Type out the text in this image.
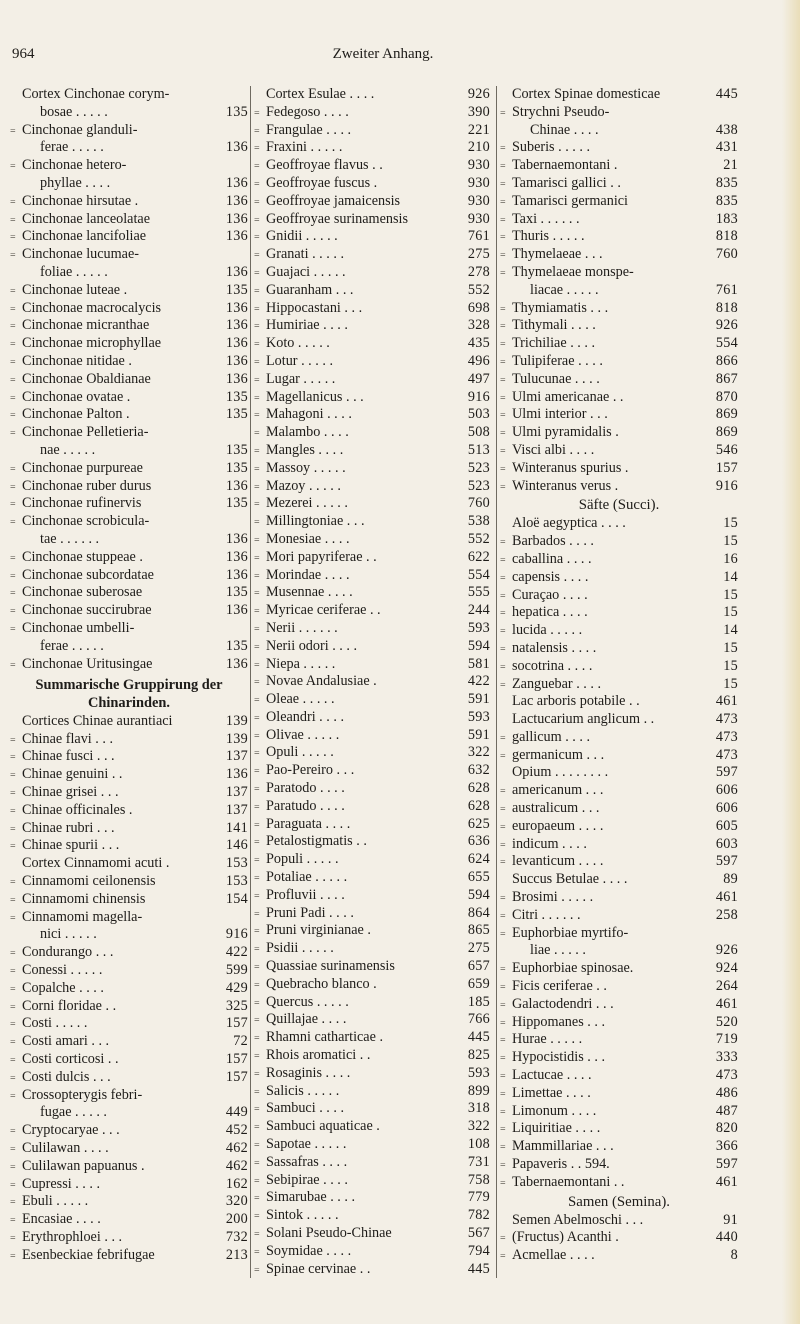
964	Zweiter Anhang.
Cortex Cinchonae corym-
bosae . . . . .	135
= Cinchonae glanduli-
ferae . . . . .	136
= Cinchonae hetero-
phyllae . . . .	136
= Cinchonae hirsutae .	136
= Cinchonae lanceolatae	136
= Cinchonae lancifoliae	136
= Cinchonae lucumae-
foliae . . . . .	136
= Cinchonae luteae .	135
= Cinchonae macrocalycis	136
= Cinchonae micranthae	136
= Cinchonae microphyllae	136
= Cinchonae nitidae .	136
= Cinchonae Obaldianae	136
= Cinchonae ovatae .	135
= Cinchonae Palton .	135
= Cinchonae Pelletieria-
nae . . . . .	135
= Cinchonae purpureae	135
= Cinchonae ruber durus	136
= Cinchonae rufinervis	135
= Cinchonae scrobicula-
tae . . . . . .	136
= Cinchonae stuppeae .	136
= Cinchonae subcordatae	136
= Cinchonae suberosae	135
= Cinchonae succirubrae	136
= Cinchonae umbelli-
ferae . . . . .	135
= Cinchonae Uritusingae	136
Summarische Gruppirung der
Chinarinden.
Cortices Chinae aurantiaci	139
= Chinae flavi . . .	139
= Chinae fusci . . .	137
= Chinae genuini . .	136
= Chinae grisei . . .	137
= Chinae officinales .	137
= Chinae rubri . . .	141
= Chinae spurii . . .	146
Cortex Cinnamomi acuti .	153
= Cinnamomi ceilonensis	153
= Cinnamomi chinensis	154
= Cinnamomi magella-
nici . . . . .	916
= Condurango . . .	422
= Conessi . . . . .	599
= Copalche . . . .	429
= Corni floridae . .	325
= Costi . . . . .	157
= Costi amari . . .	72
= Costi corticosi . .	157
= Costi dulcis . . .	157
= Crossopterygis febri-
fugae . . . . .	449
= Cryptocaryae . . .	452
= Culilawan . . . .	462
= Culilawan papuanus .	462
= Cupressi . . . .	162
= Ebuli . . . . .	320
= Encasiae . . . .	200
= Erythrophloei . . .	732
= Esenbeckiae febrifugae	213
Cortex Esulae . . . .	926
= Fedegoso . . . .	390
= Frangulae . . . .	221
= Fraxini . . . . .	210
= Geoffroyae flavus . .	930
= Geoffroyae fuscus .	930
= Geoffroyae jamaicensis	930
= Geoffroyae surinamensis	930
= Gnidii . . . . .	761
= Granati . . . . .	275
= Guajaci . . . . .	278
= Guaranham . . .	552
= Hippocastani . . .	698
= Humiriae . . . .	328
= Koto . . . . .	435
= Lotur . . . . .	496
= Lugar . . . . .	497
= Magellanicus . . .	916
= Mahagoni . . . .	503
= Malambo . . . .	508
= Mangles . . . .	513
= Massoy . . . . .	523
= Mazoy . . . . .	523
= Mezerei . . . . .	760
= Millingtoniae . . .	538
= Monesiae . . . .	552
= Mori papyriferae . .	622
= Morindae . . . .	554
= Musennae . . . .	555
= Myricae ceriferae . .	244
= Nerii . . . . . .	593
= Nerii odori . . . .	594
= Niepa . . . . .	581
= Novae Andalusiae .	422
= Oleae . . . . .	591
= Oleandri . . . .	593
= Olivae . . . . .	591
= Opuli . . . . .	322
= Pao-Pereiro . . .	632
= Paratodo . . . .	628
= Paratudo . . . .	628
= Paraguata . . . .	625
= Petalostigmatis . .	636
= Populi . . . . .	624
= Potaliae . . . . .	655
= Profluvii . . . .	594
= Pruni Padi . . . .	864
= Pruni virginianae .	865
= Psidii . . . . .	275
= Quassiae surinamensis	657
= Quebracho blanco .	659
= Quercus . . . . .	185
= Quillajae . . . .	766
= Rhamni catharticae .	445
= Rhois aromatici . .	825
= Rosaginis . . . .	593
= Salicis . . . . .	899
= Sambuci . . . .	318
= Sambuci aquaticae .	322
= Sapotae . . . . .	108
= Sassafras . . . .	731
= Sebipirae . . . .	758
= Simarubae . . . .	779
= Sintok . . . . .	782
= Solani Pseudo-Chinae	567
= Soymidae . . . .	794
= Spinae cervinae . .	445
Cortex Spinae domesticae	445
= Strychni Pseudo-
Chinae . . . .	438
= Suberis . . . . .	431
= Tabernaemontani .	21
= Tamarisci gallici . .	835
= Tamarisci germanici	835
= Taxi . . . . . .	183
= Thuris . . . . .	818
= Thymelaeae . . .	760
= Thymelaeae monspe-
liacae . . . . .	761
= Thymiamatis . . .	818
= Tithymali . . . .	926
= Trichiliae . . . .	554
= Tulipiferae . . . .	866
= Tulucunae . . . .	867
= Ulmi americanae . .	870
= Ulmi interior . . .	869
= Ulmi pyramidalis .	869
= Visci albi . . . .	546
= Winteranus spurius .	157
= Winteranus verus .	916
Säfte (Succi).
Aloë aegyptica . . . .	15
= Barbados . . . .	15
= caballina . . . .	16
= capensis . . . .	14
= Curaçao . . . .	15
= hepatica . . . .	15
= lucida . . . . .	14
= natalensis . . . .	15
= socotrina . . . .	15
= Zanguebar . . . .	15
Lac arboris potabile . .	461
Lactucarium anglicum . .	473
= gallicum . . . .	473
= germanicum . . .	473
Opium . . . . . . . .	597
= americanum . . .	606
= australicum . . .	606
= europaeum . . . .	605
= indicum . . . .	603
= levanticum . . . .	597
Succus Betulae . . . .	89
= Brosimi . . . . .	461
= Citri . . . . . .	258
= Euphorbiae myrtifo-
liae . . . . .	926
= Euphorbiae spinosae.	924
= Ficis ceriferae . .	264
= Galactodendri . . .	461
= Hippomanes . . .	520
= Hurae . . . . .	719
= Hypocistidis . . .	333
= Lactucae . . . .	473
= Limettae . . . .	486
= Limonum . . . .	487
= Liquiritiae . . . .	820
= Mammillariae . . .	366
= Papaveris . . 594.	597
= Tabernaemontani . .	461
Samen (Semina).
Semen Abelmoschi . . .	91
= (Fructus) Acanthi .	440
= Acmellae . . . .	8
